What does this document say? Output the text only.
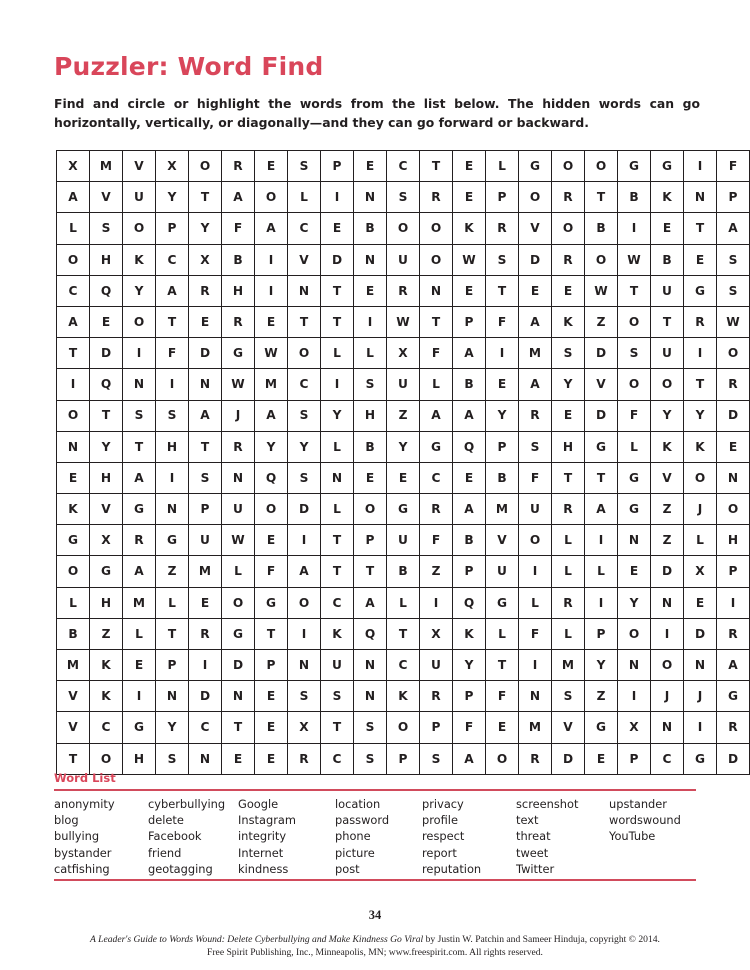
Puzzler: Word Find
Find and circle or highlight the words from the list below. The hidden words can go horizontally, vertically, or diagonally—and they can go forward or backward.
X	M	V	X	O	R	E	S	P	E	C	T	E	L	G	O	O	G	G	I	F
A	V	U	Y	T	A	O	L	I	N	S	R	E	P	O	R	T	B	K	N	P
L	S	O	P	Y	F	A	C	E	B	O	O	K	R	V	O	B	I	E	T	A
O	H	K	C	X	B	I	V	D	N	U	O	W	S	D	R	O	W	B	E	S
C	Q	Y	A	R	H	I	N	T	E	R	N	E	T	E	E	W	T	U	G	S
A	E	O	T	E	R	E	T	T	I	W	T	P	F	A	K	Z	O	T	R	W
T	D	I	F	D	G	W	O	L	L	X	F	A	I	M	S	D	S	U	I	O
I	Q	N	I	N	W	M	C	I	S	U	L	B	E	A	Y	V	O	O	T	R
O	T	S	S	A	J	A	S	Y	H	Z	A	A	Y	R	E	D	F	Y	Y	D
N	Y	T	H	T	R	Y	Y	L	B	Y	G	Q	P	S	H	G	L	K	K	E
E	H	A	I	S	N	Q	S	N	E	E	C	E	B	F	T	T	G	V	O	N
K	V	G	N	P	U	O	D	L	O	G	R	A	M	U	R	A	G	Z	J	O
G	X	R	G	U	W	E	I	T	P	U	F	B	V	O	L	I	N	Z	L	H
O	G	A	Z	M	L	F	A	T	T	B	Z	P	U	I	L	L	E	D	X	P
L	H	M	L	E	O	G	O	C	A	L	I	Q	G	L	R	I	Y	N	E	I
B	Z	L	T	R	G	T	I	K	Q	T	X	K	L	F	L	P	O	I	D	R
M	K	E	P	I	D	P	N	U	N	C	U	Y	T	I	M	Y	N	O	N	A
V	K	I	N	D	N	E	S	S	N	K	R	P	F	N	S	Z	I	J	J	G
V	C	G	Y	C	T	E	X	T	S	O	P	F	E	M	V	G	X	N	I	R
T	O	H	S	N	E	E	R	C	S	P	S	A	O	R	D	E	P	C	G	D
Word List
anonymity
blog
bullying
bystander
catfishing
cyberbullying
delete
Facebook
friend
geotagging
Google
Instagram
integrity
Internet
kindness
location
password
phone
picture
post
privacy
profile
respect
report
reputation
screenshot
text
threat
tweet
Twitter
upstander
wordswound
YouTube
34
A Leader's Guide to Words Wound: Delete Cyberbullying and Make Kindness Go Viral by Justin W. Patchin and Sameer Hinduja, copyright © 2014.
Free Spirit Publishing, Inc., Minneapolis, MN; www.freespirit.com. All rights reserved.
